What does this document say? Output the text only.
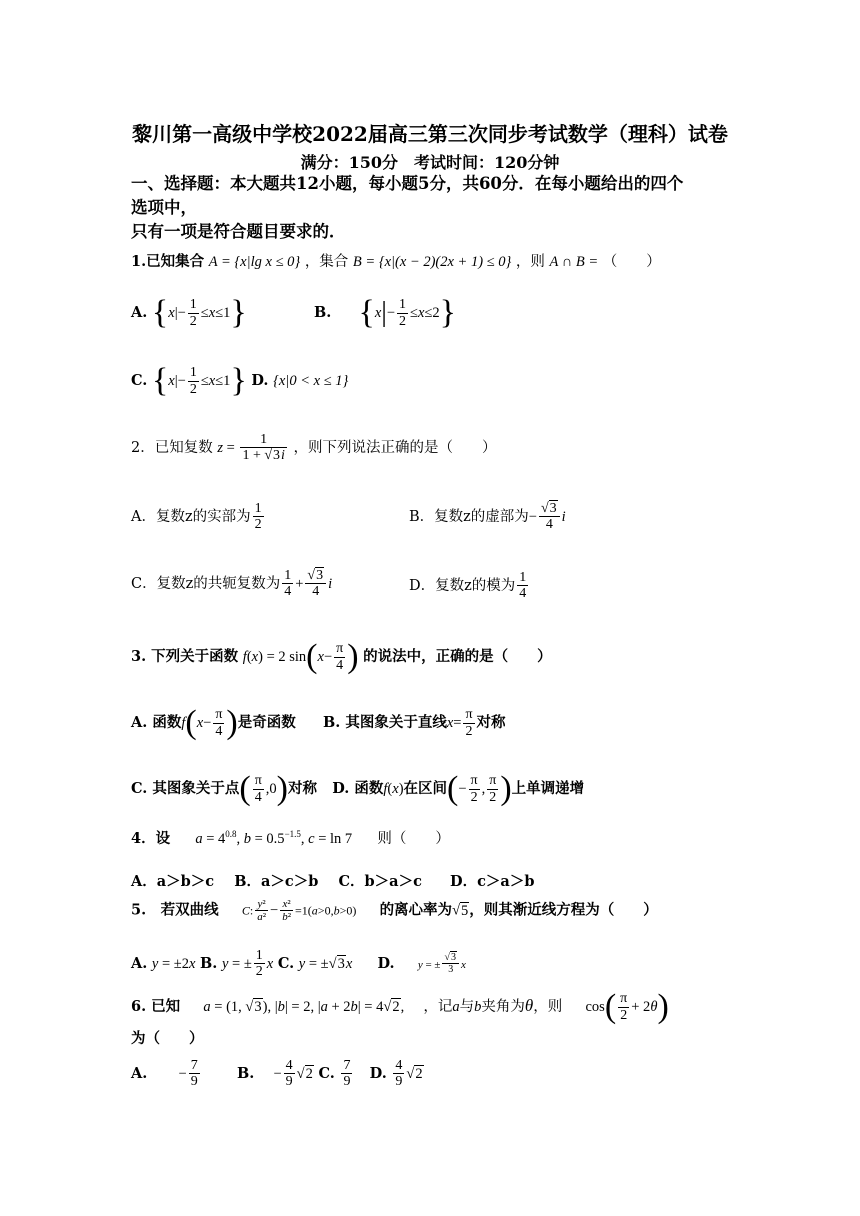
黎川第一高级中学校2022届高三第三次同步考试数学（理科）试卷
满分：150分　考试时间：120分钟
一、选择题：本大题共12小题，每小题5分，共60分．在每小题给出的四个
选项中，
只有一项是符合题目要求的．
1.已知集合 A = {x|lg x ≤ 0} ，集合 B = {x|(x − 2)(2x + 1) ≤ 0} ，则 A ∩ B = （　　）
A. $\{x|- \frac{1}{2} \le x\le 1\}$	B. $\{x|- \frac{1}{2} \le x\le 2\}$
C. $\{x|- \frac{1}{2} \le x\le 1\}$ D. {x|0 < x ≤ 1}
2．已知复数 $z = \frac{1}{1 + √3i}$ ，则下列说法正确的是（　　）
A．复数z的实部为 $\frac{1}{2}$	B．复数z的虚部为− $\frac{√3}{4}$ i
C．复数z的共轭复数为 $\frac{1}{4} + \frac{√3}{4}$ i	D．复数z的模为 $\frac{1}{4}$
3. 下列关于函数 f(x) = 2 $\sin(x- \frac{\pi}{4}$ ) 的说法中，正确的是（　　）
A. 函数$f(x- \frac{\pi}{4}$ )是奇函数 B. 其图象关于直线$x= \frac{\pi}{2}$ 对称
C. 其图象关于点( $\frac{\pi}{4} ,0$)对称 D. 函数f(x)在区间(− $\frac{\pi}{2}$ , $\frac{\pi}{2}$ )上单调递增
4．设 $a = 4^{0.8}$, $b = 0.5^{-1.5}$, c = ln 7 则（　　）
A．a＞b＞c B．a＞c＞b C．b＞a＞c D．c＞a＞b
5.　若双曲线 C: $\frac{\text{y²}}{\text{a²}} - \frac{\text{x²}}{\text{b²}} =1(a>0,b>0)$ 的离心率为√5，则其渐近线方程为（　　）
A. y = ±2x B. y = ± $\frac{1}{2}$ x C. y = ±√3x D. y = ± $\frac{√3}{3}$ x
6. 已知 a = (1, √3), |b| = 2, |a + 2b| = 4√2, ，记a与b夹角为θ，则 $\cos( \frac{\pi}{2} + 2\theta)$
为（　　）
A. − $\frac{7}{9}$	B. − $\frac{4}{9} √2$ C. $\frac{7}{9} D$. $\frac{4}{9} √2$
